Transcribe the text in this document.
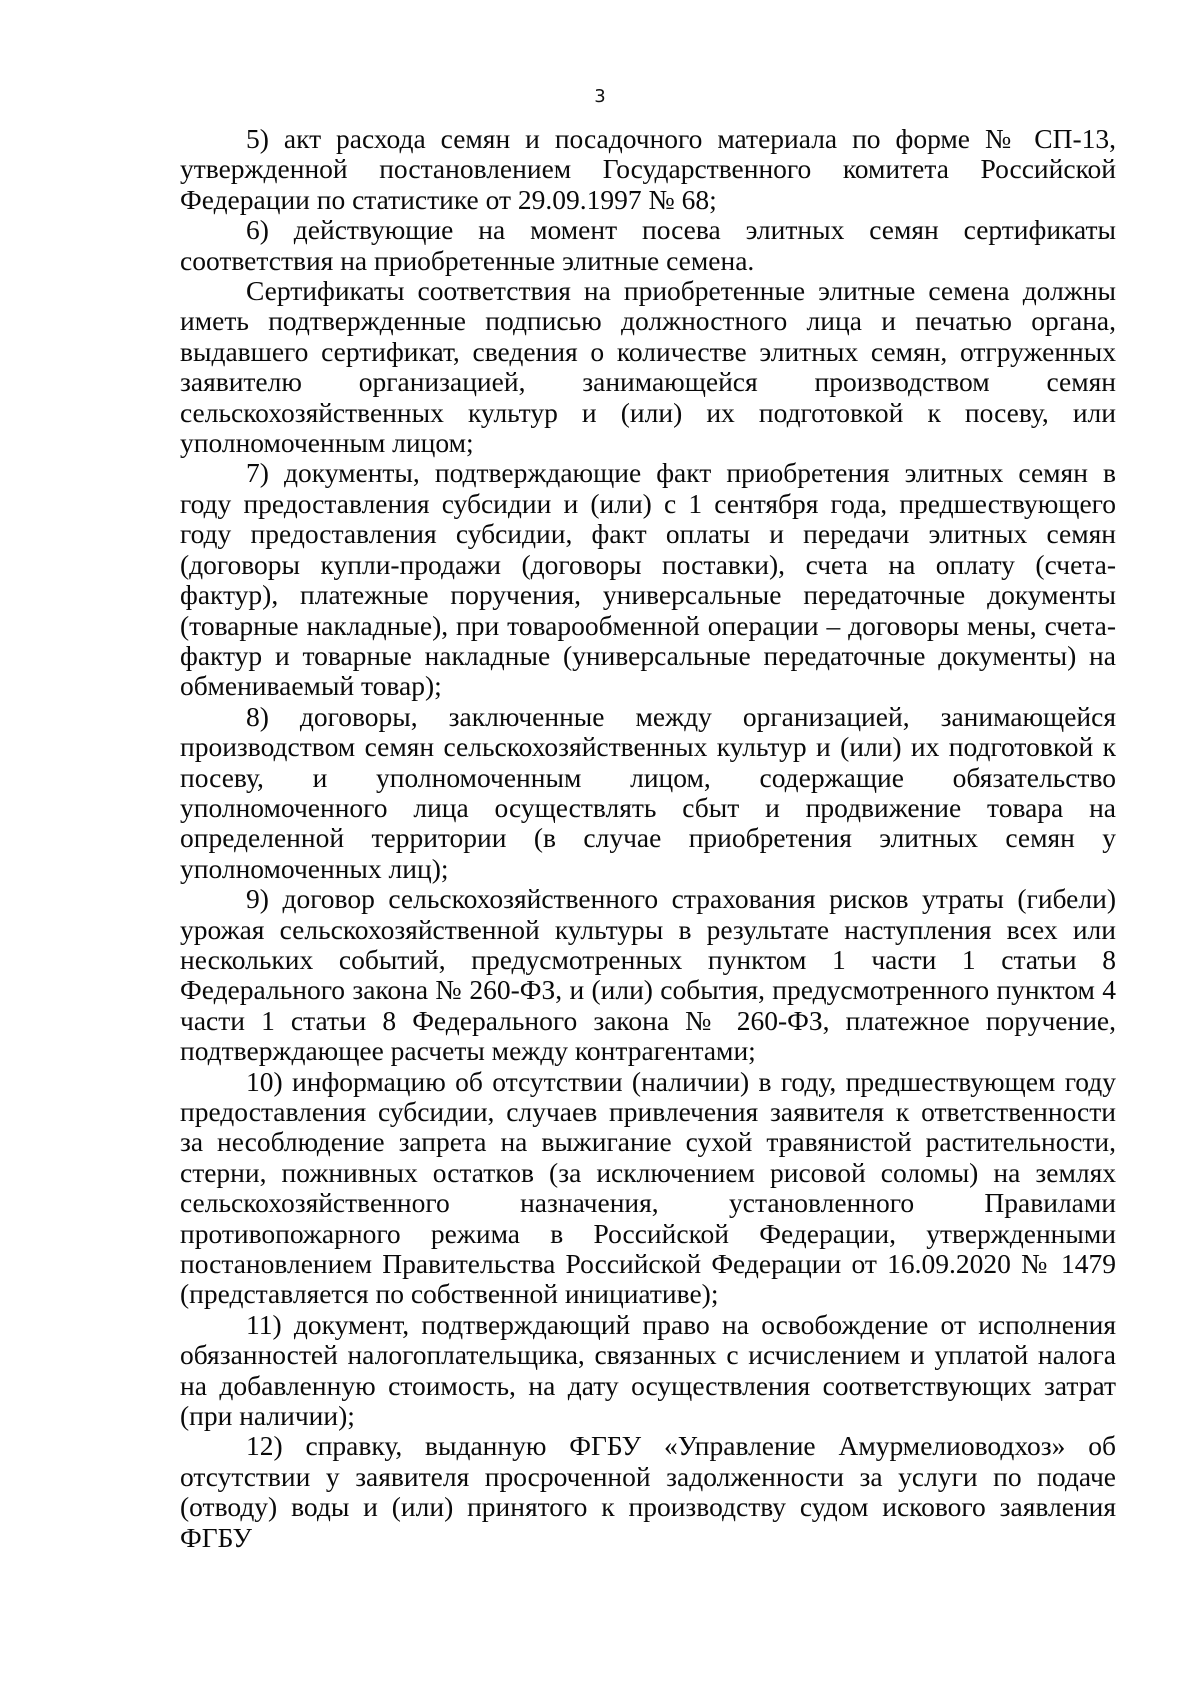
3

5) акт расхода семян и посадочного материала по форме № СП-13, утвержденной постановлением Государственного комитета Российской Федерации по статистике от 29.09.1997 № 68;

6) действующие на момент посева элитных семян сертификаты соответствия на приобретенные элитные семена.

Сертификаты соответствия на приобретенные элитные семена должны иметь подтвержденные подписью должностного лица и печатью органа, выдавшего сертификат, сведения о количестве элитных семян, отгруженных заявителю организацией, занимающейся производством семян сельскохозяйственных культур и (или) их подготовкой к посеву, или уполномоченным лицом;

7) документы, подтверждающие факт приобретения элитных семян в году предоставления субсидии и (или) с 1 сентября года, предшествующего году предоставления субсидии, факт оплаты и передачи элитных семян (договоры купли-продажи (договоры поставки), счета на оплату (счета-фактур), платежные поручения, универсальные передаточные документы (товарные накладные), при товарообменной операции – договоры мены, счета-фактур и товарные накладные (универсальные передаточные документы) на обмениваемый товар);

8) договоры, заключенные между организацией, занимающейся производством семян сельскохозяйственных культур и (или) их подготовкой к посеву, и уполномоченным лицом, содержащие обязательство уполномоченного лица осуществлять сбыт и продвижение товара на определенной территории (в случае приобретения элитных семян у уполномоченных лиц);

9) договор сельскохозяйственного страхования рисков утраты (гибели) урожая сельскохозяйственной культуры в результате наступления всех или нескольких событий, предусмотренных пунктом 1 части 1 статьи 8 Федерального закона № 260-ФЗ, и (или) события, предусмотренного пунктом 4 части 1 статьи 8 Федерального закона № 260-ФЗ, платежное поручение, подтверждающее расчеты между контрагентами;

10) информацию об отсутствии (наличии) в году, предшествующем году предоставления субсидии, случаев привлечения заявителя к ответственности за несоблюдение запрета на выжигание сухой травянистой растительности, стерни, пожнивных остатков (за исключением рисовой соломы) на землях сельскохозяйственного назначения, установленного Правилами противопожарного режима в Российской Федерации, утвержденными постановлением Правительства Российской Федерации от 16.09.2020 № 1479 (представляется по собственной инициативе);

11) документ, подтверждающий право на освобождение от исполнения обязанностей налогоплательщика, связанных с исчислением и уплатой налога на добавленную стоимость, на дату осуществления соответствующих затрат (при наличии);

12) справку, выданную ФГБУ «Управление Амурмелиоводхоз» об отсутствии у заявителя просроченной задолженности за услуги по подаче (отводу) воды и (или) принятого к производству судом искового заявления ФГБУ
